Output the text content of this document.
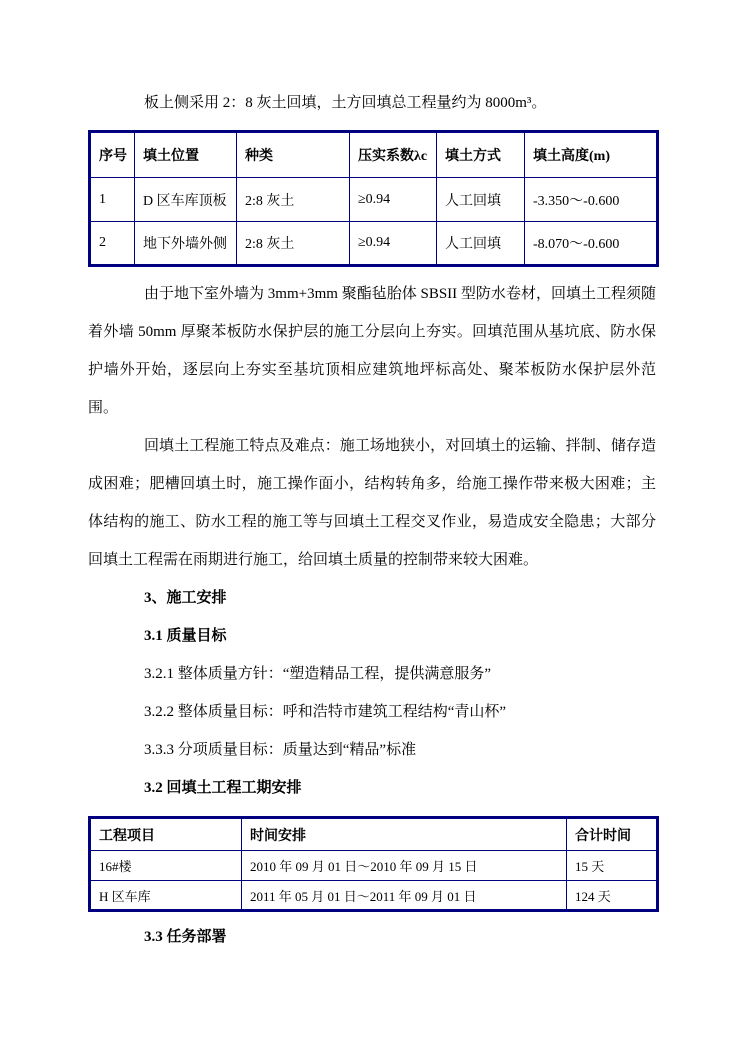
板上侧采用 2：8 灰土回填，土方回填总工程量约为 8000m³。

序号	填土位置	种类	压实系数λc	填土方式	填土高度(m)
1	D 区车库顶板	2:8 灰土	≥0.94	人工回填	-3.350～-0.600
2	地下外墙外侧	2:8 灰土	≥0.94	人工回填	-8.070～-0.600

由于地下室外墙为 3mm+3mm 聚酯毡胎体 SBSII 型防水卷材，回填土工程须随着外墙 50mm 厚聚苯板防水保护层的施工分层向上夯实。回填范围从基坑底、防水保护墙外开始，逐层向上夯实至基坑顶相应建筑地坪标高处、聚苯板防水保护层外范围。

回填土工程施工特点及难点：施工场地狭小，对回填土的运输、拌制、储存造成困难；肥槽回填土时，施工操作面小，结构转角多，给施工操作带来极大困难；主体结构的施工、防水工程的施工等与回填土工程交叉作业，易造成安全隐患；大部分回填土工程需在雨期进行施工，给回填土质量的控制带来较大困难。

3、施工安排

3.1 质量目标

3.2.1 整体质量方针：“塑造精品工程，提供满意服务”

3.2.2 整体质量目标：呼和浩特市建筑工程结构“青山杯”

3.3.3 分项质量目标：质量达到“精品”标准

3.2 回填土工程工期安排

工程项目	时间安排	合计时间
16#楼	2010 年 09 月 01 日～2010 年 09 月 15 日	15 天
H 区车库	2011 年 05 月 01 日～2011 年 09 月 01 日	124 天

3.3 任务部署
